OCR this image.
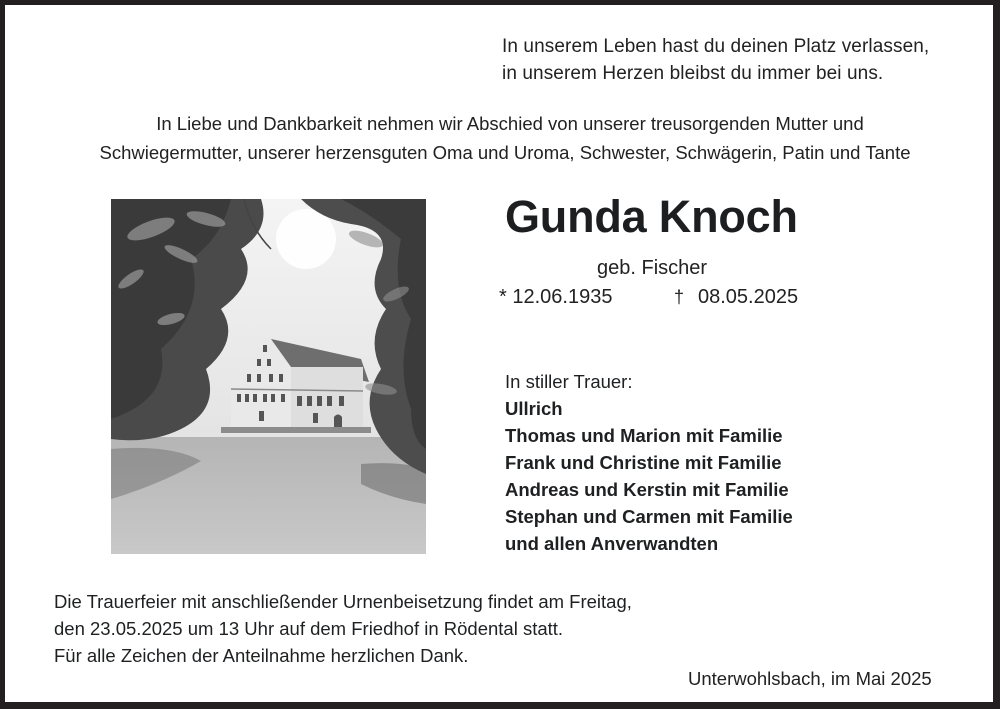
In unserem Leben hast du deinen Platz verlassen,
in unserem Herzen bleibst du immer bei uns.
In Liebe und Dankbarkeit nehmen wir Abschied von unserer treusorgenden Mutter und
Schwiegermutter, unserer herzensguten Oma und Uroma, Schwester, Schwägerin, Patin und Tante
Gunda Knoch
geb. Fischer
* 12.06.1935	† 08.05.2025
In stiller Trauer:
Ullrich
Thomas und Marion mit Familie
Frank und Christine mit Familie
Andreas und Kerstin mit Familie
Stephan und Carmen mit Familie
und allen Anverwandten
Die Trauerfeier mit anschließender Urnenbeisetzung findet am Freitag,
den 23.05.2025 um 13 Uhr auf dem Friedhof in Rödental statt.
Für alle Zeichen der Anteilnahme herzlichen Dank.
Unterwohlsbach, im Mai 2025
